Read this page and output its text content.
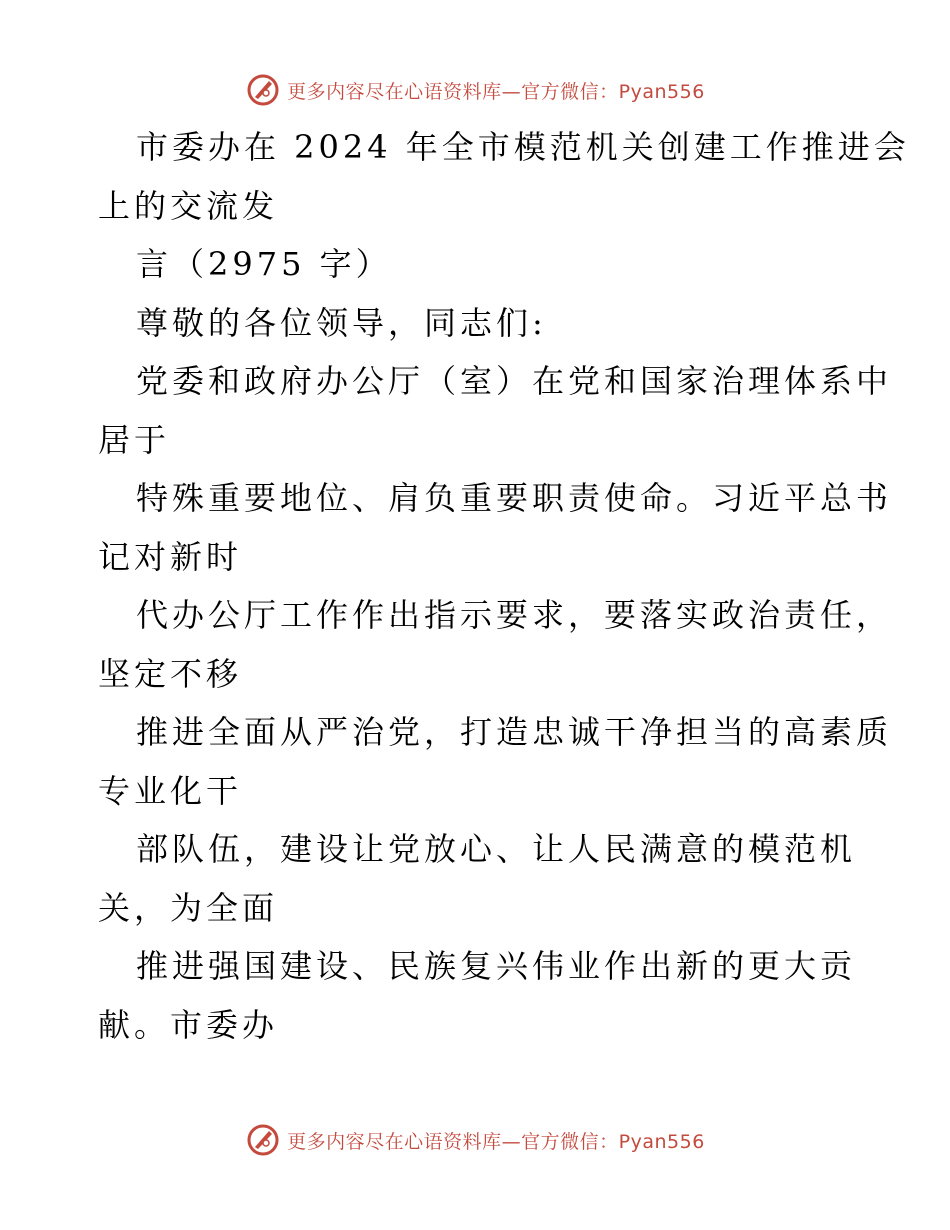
更多内容尽在心语资料库—官方微信：Pyan556
市委办在 2024 年全市模范机关创建工作推进会
上的交流发
言（2975 字）
尊敬的各位领导，同志们:
党委和政府办公厅（室）在党和国家治理体系中
居于
特殊重要地位、肩负重要职责使命。习近平总书
记对新时
代办公厅工作作出指示要求，要落实政治责任，
坚定不移
推进全面从严治党，打造忠诚干净担当的高素质
专业化干
部队伍，建设让党放心、让人民满意的模范机
关，为全面
推进强国建设、民族复兴伟业作出新的更大贡
献。市委办
更多内容尽在心语资料库—官方微信：Pyan556
